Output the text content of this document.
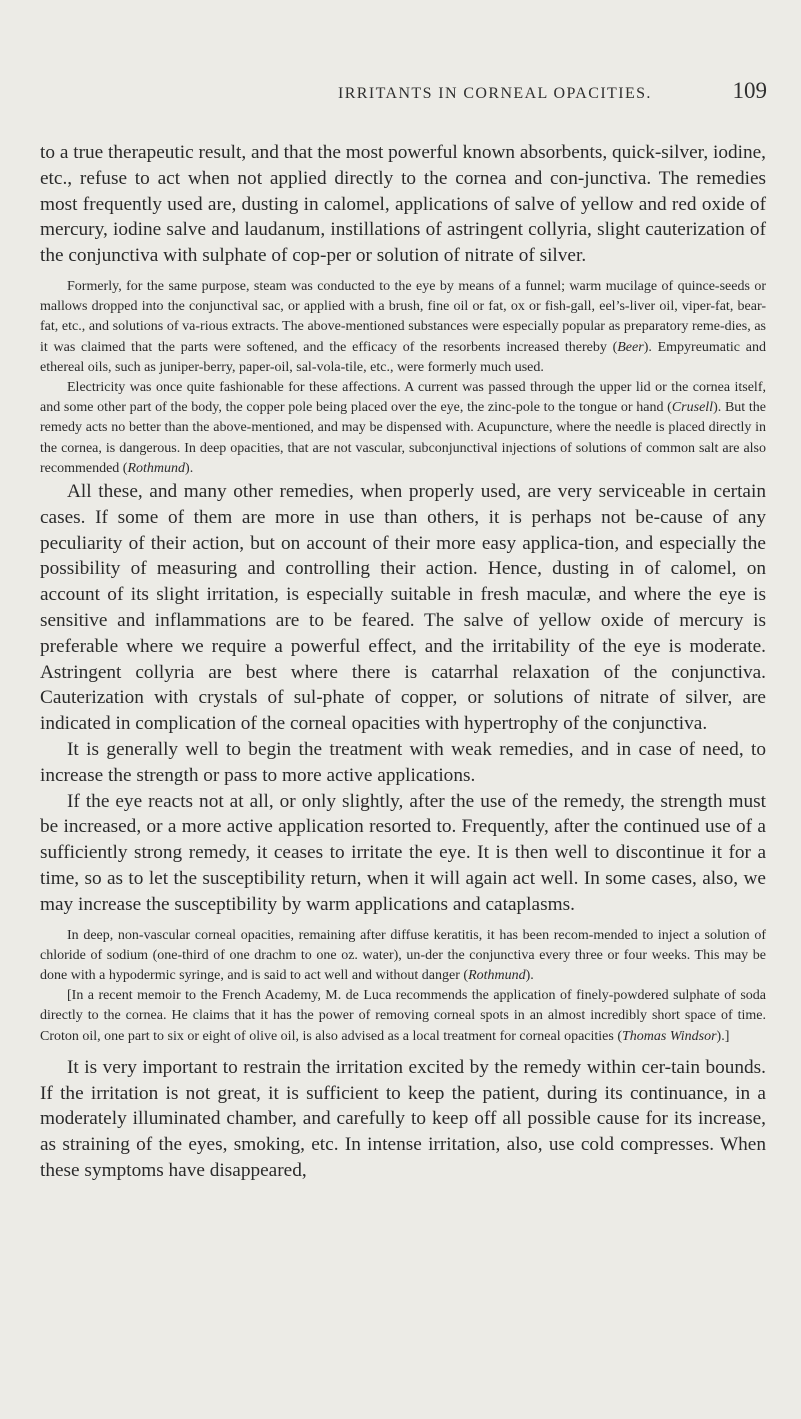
IRRITANTS IN CORNEAL OPACITIES.	109

to a true therapeutic result, and that the most powerful known absorbents, quick-silver, iodine, etc., refuse to act when not applied directly to the cornea and con-junctiva. The remedies most frequently used are, dusting in calomel, applications of salve of yellow and red oxide of mercury, iodine salve and laudanum, instillations of astringent collyria, slight cauterization of the conjunctiva with sulphate of cop-per or solution of nitrate of silver.

Formerly, for the same purpose, steam was conducted to the eye by means of a funnel; warm mucilage of quince-seeds or mallows dropped into the conjunctival sac, or applied with a brush, fine oil or fat, ox or fish-gall, eel’s-liver oil, viper-fat, bear-fat, etc., and solutions of va-rious extracts. The above-mentioned substances were especially popular as preparatory reme-dies, as it was claimed that the parts were softened, and the efficacy of the resorbents increased thereby (Beer). Empyreumatic and ethereal oils, such as juniper-berry, paper-oil, sal-vola-tile, etc., were formerly much used.

Electricity was once quite fashionable for these affections. A current was passed through the upper lid or the cornea itself, and some other part of the body, the copper pole being placed over the eye, the zinc-pole to the tongue or hand (Crusell). But the remedy acts no better than the above-mentioned, and may be dispensed with. Acupuncture, where the needle is placed directly in the cornea, is dangerous. In deep opacities, that are not vascular, subconjunctival injections of solutions of common salt are also recommended (Rothmund).

All these, and many other remedies, when properly used, are very serviceable in certain cases. If some of them are more in use than others, it is perhaps not be-cause of any peculiarity of their action, but on account of their more easy applica-tion, and especially the possibility of measuring and controlling their action. Hence, dusting in of calomel, on account of its slight irritation, is especially suitable in fresh maculæ, and where the eye is sensitive and inflammations are to be feared. The salve of yellow oxide of mercury is preferable where we require a powerful effect, and the irritability of the eye is moderate. Astringent collyria are best where there is catarrhal relaxation of the conjunctiva. Cauterization with crystals of sul-phate of copper, or solutions of nitrate of silver, are indicated in complication of the corneal opacities with hypertrophy of the conjunctiva.

It is generally well to begin the treatment with weak remedies, and in case of need, to increase the strength or pass to more active applications.

If the eye reacts not at all, or only slightly, after the use of the remedy, the strength must be increased, or a more active application resorted to. Frequently, after the continued use of a sufficiently strong remedy, it ceases to irritate the eye. It is then well to discontinue it for a time, so as to let the susceptibility return, when it will again act well. In some cases, also, we may increase the susceptibility by warm applications and cataplasms.

In deep, non-vascular corneal opacities, remaining after diffuse keratitis, it has been recom-mended to inject a solution of chloride of sodium (one-third of one drachm to one oz. water), un-der the conjunctiva every three or four weeks. This may be done with a hypodermic syringe, and is said to act well and without danger (Rothmund).

[In a recent memoir to the French Academy, M. de Luca recommends the application of finely-powdered sulphate of soda directly to the cornea. He claims that it has the power of removing corneal spots in an almost incredibly short space of time. Croton oil, one part to six or eight of olive oil, is also advised as a local treatment for corneal opacities (Thomas Windsor).]

It is very important to restrain the irritation excited by the remedy within cer-tain bounds. If the irritation is not great, it is sufficient to keep the patient, during its continuance, in a moderately illuminated chamber, and carefully to keep off all possible cause for its increase, as straining of the eyes, smoking, etc. In intense irritation, also, use cold compresses. When these symptoms have disappeared,
